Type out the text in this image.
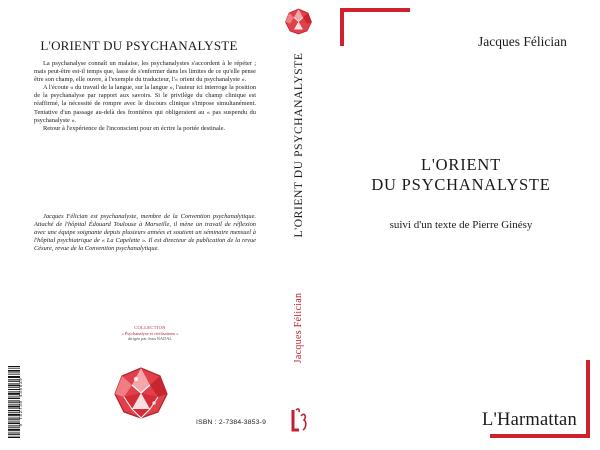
L'ORIENT DU PSYCHANALYSTE

La psychanalyse connaît un malaise, les psychanalystes s'accordent à le répéter ; mais peut-être est-il temps que, lasse de s'enfermer dans les limites de ce qu'elle pense être son champ, elle ouvre, à l'exemple du traducteur, l'« orient du psychanalyste ».

A l'écoute « du travail de la langue, sur la langue », l'auteur ici interroge la position de la psychanalyse par rapport aux savoirs. Si le privilège du champ clinique est réaffirmé, la nécessité de rompre avec le discours clinique s'impose simultanément. Tentative d'un passage au-delà des frontières qui obligeraient au « pas suspendu du psychanalyste ».

Retour à l'expérience de l'inconscient pour en écrire la portée destinale.

Jacques Félician est psychanalyste, membre de la Convention psychanalytique. Attaché de l'hôpital Édouard Toulouse à Marseille, il mène un travail de réflexion avec une équipe soignante depuis plusieurs années et soutient un séminaire mensuel à l'hôpital psychiatrique de « La Capelette ». Il est directeur de publication de la revue Césure, revue de la Convention psychanalytique.

COLLECTION
« Psychanalyse et civilisations »
dirigée par Jean NADAL
9 782738 438539	ISBN : 2-7384-3853-9
L'ORIENT DU PSYCHANALYSTE
Jacques Félician
Jacques Félician
L'ORIENT
DU PSYCHANALYSTE
suivi d'un texte de Pierre Ginésy
L'Harmattan
